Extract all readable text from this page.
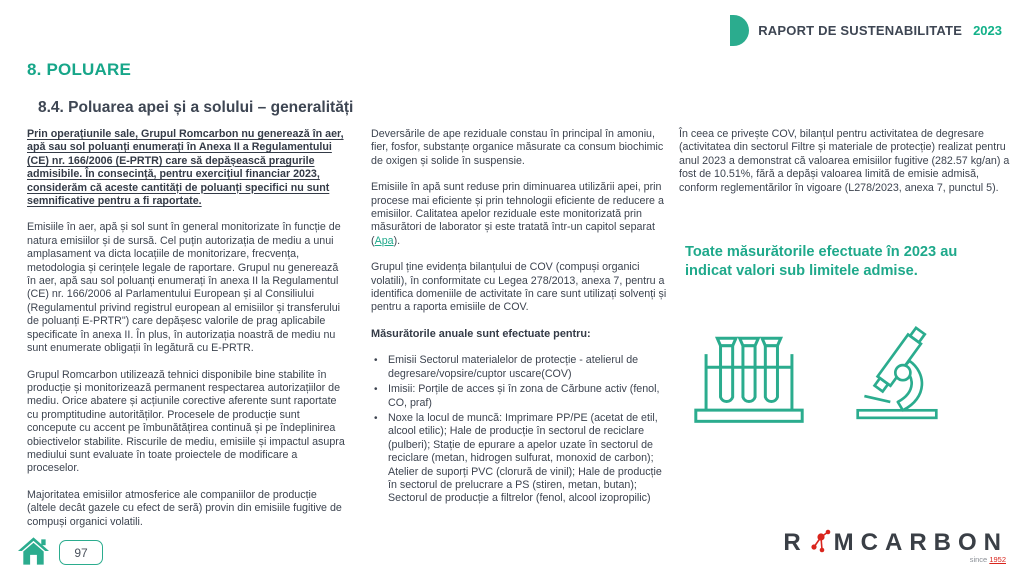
RAPORT DE SUSTENABILITATE 2023
8. POLUARE
8.4. Poluarea apei și a solului – generalități

Prin operațiunile sale, Grupul Romcarbon nu generează în aer, apă sau sol poluanți enumerați în Anexa II a Regulamentului (CE) nr. 166/2006 (E-PRTR) care să depășească pragurile admisibile. În consecință, pentru exercițiul financiar 2023, considerăm că aceste cantități de poluanți specifici nu sunt semnificative pentru a fi raportate.

Emisiile în aer, apă și sol sunt în general monitorizate în funcție de natura emisiilor și de sursă. Cel puțin autorizația de mediu a unui amplasament va dicta locațiile de monitorizare, frecvența, metodologia și cerințele legale de raportare. Grupul nu generează în aer, apă sau sol poluanți enumerați în anexa II la Regulamentul (CE) nr. 166/2006 al Parlamentului European și al Consiliului (Regulamentul privind registrul european al emisiilor și transferului de poluanți E-PRTR") care depășesc valorile de prag aplicabile specificate în anexa II. În plus, în autorizația noastră de mediu nu sunt enumerate obligații în legătură cu E-PRTR.

Grupul Romcarbon utilizează tehnici disponibile bine stabilite în producție și monitorizează permanent respectarea autorizațiilor de mediu. Orice abatere și acțiunile corective aferente sunt raportate cu promptitudine autorităților. Procesele de producție sunt concepute cu accent pe îmbunătățirea continuă și pe îndeplinirea obiectivelor stabilite. Riscurile de mediu, emisiile și impactul asupra mediului sunt evaluate în toate proiectele de modificare a proceselor.

Majoritatea emisiilor atmosferice ale companiilor de producție (altele decât gazele cu efect de seră) provin din emisiile fugitive de compuși organici volatili.

Deversările de ape reziduale constau în principal în amoniu, fier, fosfor, substanțe organice măsurate ca consum biochimic de oxigen și solide în suspensie.

Emisiile în apă sunt reduse prin diminuarea utilizării apei, prin procese mai eficiente și prin tehnologii eficiente de reducere a emisiilor. Calitatea apelor reziduale este monitorizată prin măsurători de laborator și este tratată într-un capitol separat (Apa).

Grupul ține evidența bilanțului de COV (compuși organici volatili), în conformitate cu Legea 278/2013, anexa 7, pentru a identifica domeniile de activitate în care sunt utilizați solvenți și pentru a raporta emisiile de COV.

Măsurătorile anuale sunt efectuate pentru:

• Emisii Sectorul materialelor de protecție - atelierul de degresare/vopsire/cuptor uscare(COV)
• Imisii: Porțile de acces și în zona de Cărbune activ (fenol, CO, praf)
• Noxe la locul de muncă: Imprimare PP/PE (acetat de etil, alcool etilic); Hale de producție în sectorul de reciclare (pulberi); Stație de epurare a apelor uzate în sectorul de reciclare (metan, hidrogen sulfurat, monoxid de carbon); Atelier de suporți PVC (clorură de vinil); Hale de producție în sectorul de prelucrare a PS (stiren, metan, butan); Sectorul de producție a filtrelor (fenol, alcool izopropilic)

În ceea ce privește COV, bilanțul pentru activitatea de degresare (activitatea din sectorul Filtre și materiale de protecție) realizat pentru anul 2023 a demonstrat că valoarea emisiilor fugitive (282.57 kg/an) a fost de 10.51%, fără a depăși valoarea limită de emisie admisă, conform reglementărilor în vigoare (L278/2023, anexa 7, punctul 5).

Toate măsurătorile efectuate în 2023 au indicat valori sub limitele admise.
97	R MCARBON
since 1952
